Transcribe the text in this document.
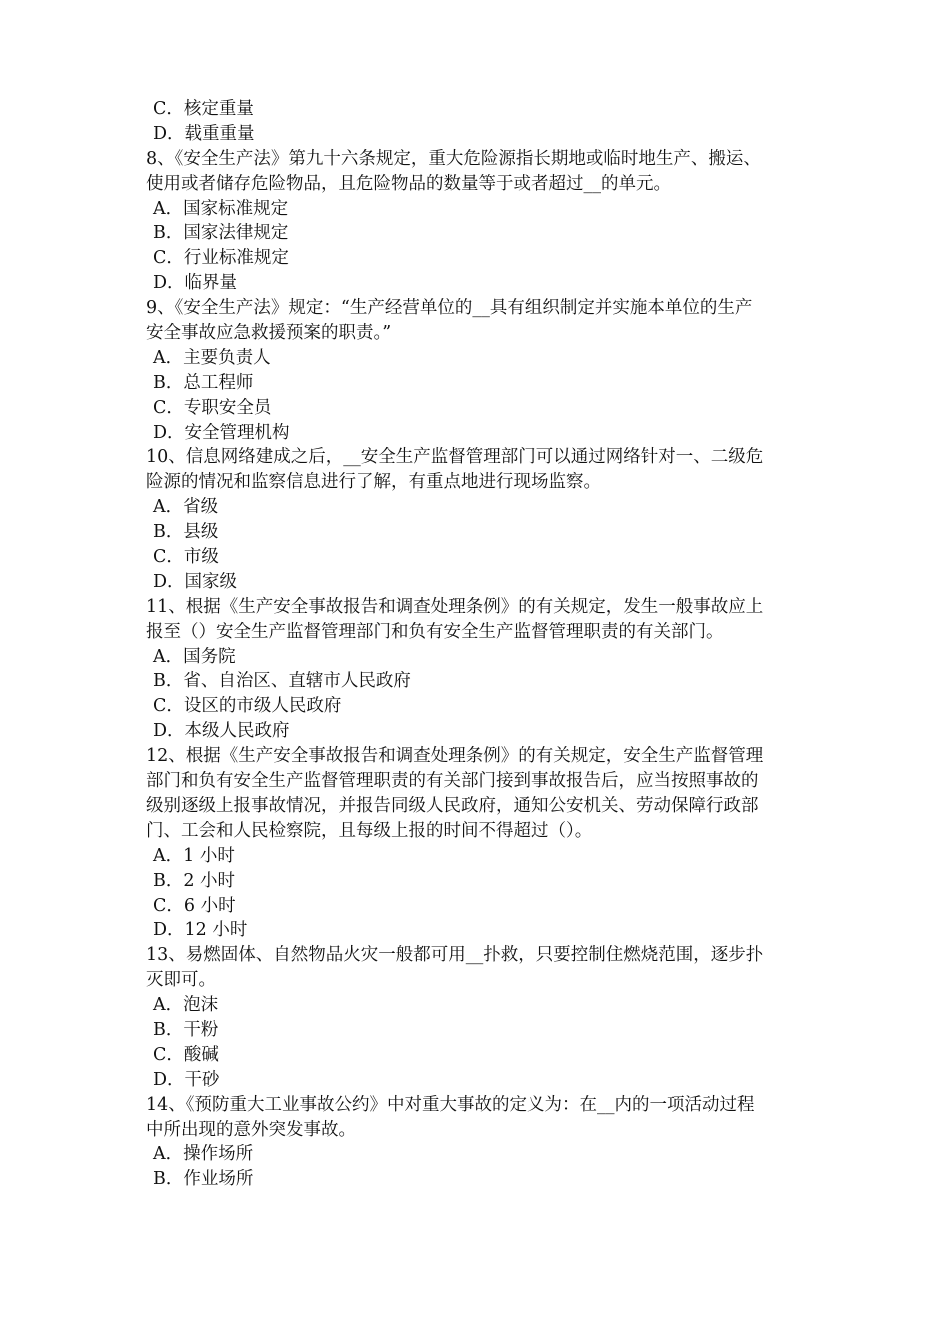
C．核定重量
D．载重重量
8、《安全生产法》第九十六条规定，重大危险源指长期地或临时地生产、搬运、
使用或者储存危险物品，且危险物品的数量等于或者超过__的单元。
A．国家标准规定
B．国家法律规定
C．行业标准规定
D．临界量
9、《安全生产法》规定：“生产经营单位的__具有组织制定并实施本单位的生产
安全事故应急救援预案的职责。”
A．主要负责人
B．总工程师
C．专职安全员
D．安全管理机构
10、信息网络建成之后，__安全生产监督管理部门可以通过网络针对一、二级危
险源的情况和监察信息进行了解，有重点地进行现场监察。
A．省级
B．县级
C．市级
D．国家级
11、根据《生产安全事故报告和调查处理条例》的有关规定，发生一般事故应上
报至（）安全生产监督管理部门和负有安全生产监督管理职责的有关部门。
A．国务院
B．省、自治区、直辖市人民政府
C．设区的市级人民政府
D．本级人民政府
12、根据《生产安全事故报告和调查处理条例》的有关规定，安全生产监督管理
部门和负有安全生产监督管理职责的有关部门接到事故报告后，应当按照事故的
级别逐级上报事故情况，并报告同级人民政府，通知公安机关、劳动保障行政部
门、工会和人民检察院，且每级上报的时间不得超过（）。
A．1 小时
B．2 小时
C．6 小时
D．12 小时
13、易燃固体、自然物品火灾一般都可用__扑救，只要控制住燃烧范围，逐步扑
灭即可。
A．泡沫
B．干粉
C．酸碱
D．干砂
14、《预防重大工业事故公约》中对重大事故的定义为：在__内的一项活动过程
中所出现的意外突发事故。
A．操作场所
B．作业场所
